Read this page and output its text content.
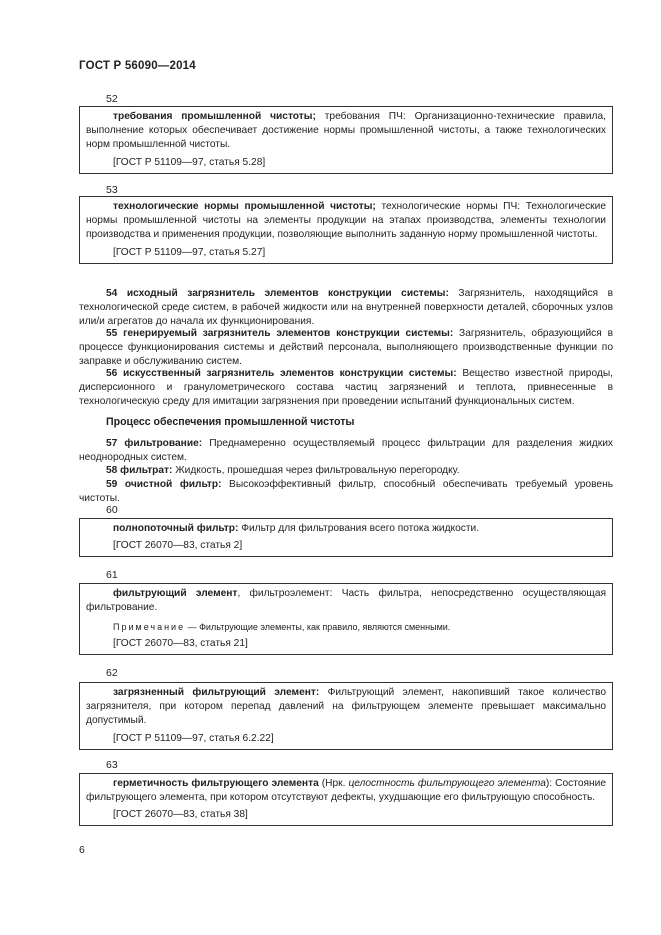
ГОСТ Р 56090—2014
52
требования промышленной чистоты; требования ПЧ: Организационно-технические правила, выполнение которых обеспечивает достижение нормы промышленной чистоты, а также технологических норм промышленной чистоты.
[ГОСТ Р 51109—97, статья 5.28]
53
технологические нормы промышленной чистоты; технологические нормы ПЧ: Технологические нормы промышленной чистоты на элементы продукции на этапах производства, элементы технологии производства и применения продукции, позволяющие выполнить заданную норму промышленной чистоты.
[ГОСТ Р 51109—97, статья 5.27]
54 исходный загрязнитель элементов конструкции системы: Загрязнитель, находящийся в технологической среде систем, в рабочей жидкости или на внутренней поверхности деталей, сборочных узлов или/и агрегатов до начала их функционирования.
55 генерируемый загрязнитель элементов конструкции системы: Загрязнитель, образующийся в процессе функционирования системы и действий персонала, выполняющего производственные функции по заправке и обслуживанию систем.
56 искусственный загрязнитель элементов конструкции системы: Вещество известной природы, дисперсионного и гранулометрического состава частиц загрязнений и теплота, привнесенные в технологическую среду для имитации загрязнения при проведении испытаний функциональных систем.
Процесс обеспечения промышленной чистоты
57 фильтрование: Преднамеренно осуществляемый процесс фильтрации для разделения жидких неоднородных систем.
58 фильтрат: Жидкость, прошедшая через фильтровальную перегородку.
59 очистной фильтр: Высокоэффективный фильтр, способный обеспечивать требуемый уровень чистоты.
60
полнопоточный фильтр: Фильтр для фильтрования всего потока жидкости.
[ГОСТ 26070—83, статья 2]
61
фильтрующий элемент, фильтроэлемент: Часть фильтра, непосредственно осуществляющая фильтрование.
Примечание — Фильтрующие элементы, как правило, являются сменными.
[ГОСТ 26070—83, статья 21]
62
загрязненный фильтрующий элемент: Фильтрующий элемент, накопивший такое количество загрязнителя, при котором перепад давлений на фильтрующем элементе превышает максимально допустимый.
[ГОСТ Р 51109—97, статья 6.2.22]
63
герметичность фильтрующего элемента (Нрк. целостность фильтрующего элемента): Состояние фильтрующего элемента, при котором отсутствуют дефекты, ухудшающие его фильтрующую способность.
[ГОСТ 26070—83, статья 38]
6
